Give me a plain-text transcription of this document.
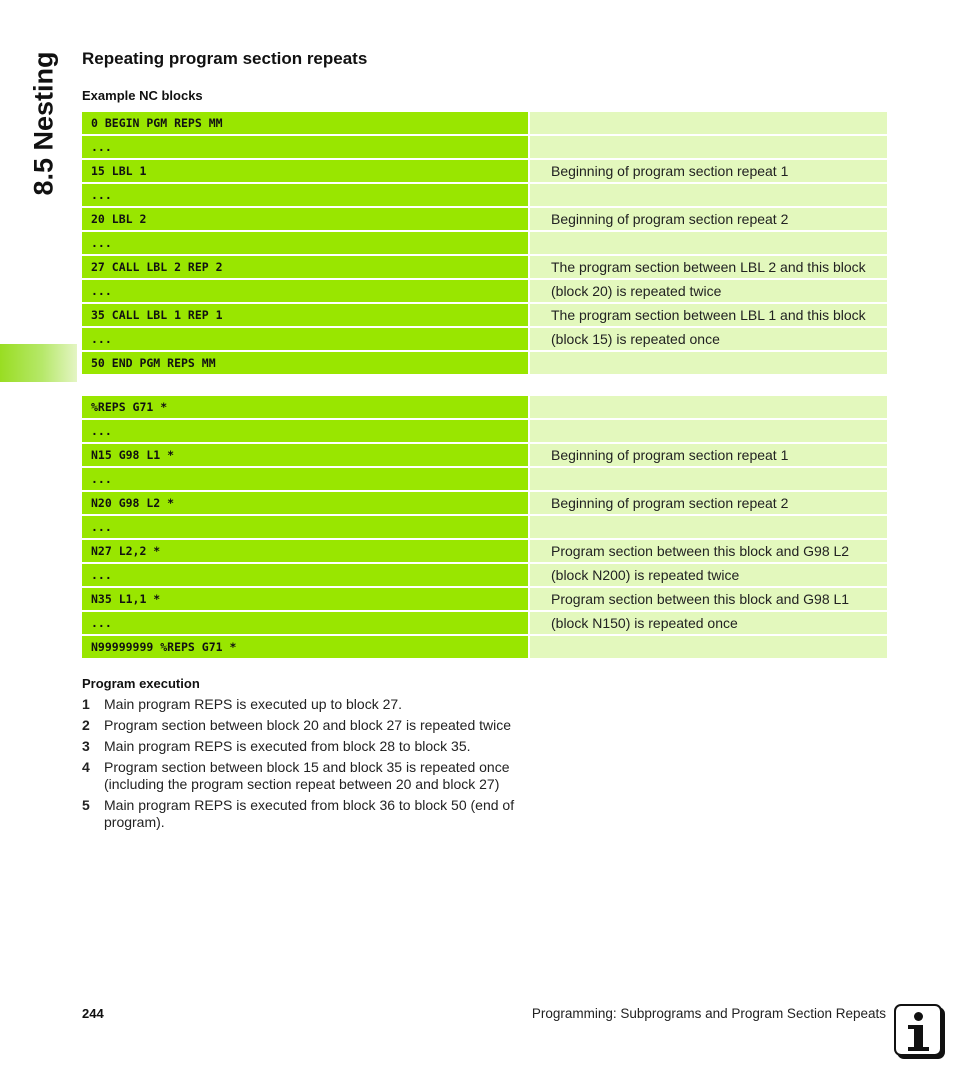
8.5 Nesting Repeating program section repeats
Example NC blocks
0 BEGIN PGM REPS MM
...
15 LBL 1	Beginning of program section repeat 1
...
20 LBL 2	Beginning of program section repeat 2
...
27 CALL LBL 2 REP 2	The program section between LBL 2 and this block
...	(block 20) is repeated twice
35 CALL LBL 1 REP 1	The program section between LBL 1 and this block
...	(block 15) is repeated once
50 END PGM REPS MM
%REPS G71 *
...
N15 G98 L1 *	Beginning of program section repeat 1
...
N20 G98 L2 *	Beginning of program section repeat 2
...
N27 L2,2 *	Program section between this block and G98 L2
...	(block N200) is repeated twice
N35 L1,1 *	Program section between this block and G98 L1
...	(block N150) is repeated once
N99999999 %REPS G71 *
Program execution
1	Main program REPS is executed up to block 27.
2	Program section between block 20 and block 27 is repeated twice
3	Main program REPS is executed from block 28 to block 35.
4	Program section between block 15 and block 35 is repeated once (including the program section repeat between 20 and block 27)
5	Main program REPS is executed from block 36 to block 50 (end of program).
244	Programming: Subprograms and Program Section Repeats
